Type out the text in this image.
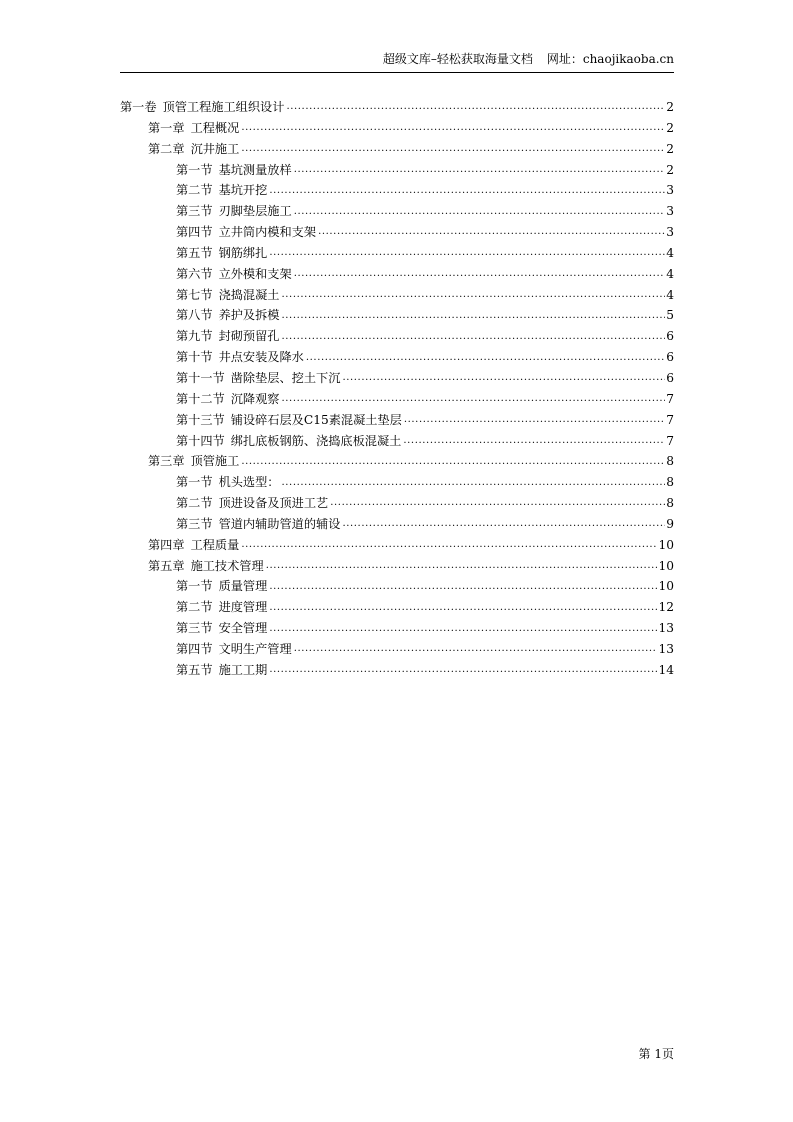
超级文库–轻松获取海量文档 网址：chaojikaoba.cn
第一卷 顶管工程施工组织设计 .....	2
第一章 工程概况 .....	2
第二章 沉井施工 .....	2
第一节 基坑测量放样 .....	2
第二节 基坑开挖 .....	3
第三节 刃脚垫层施工 .....	3
第四节 立井筒内模和支架 .....	3
第五节 钢筋绑扎 .....	4
第六节 立外模和支架 .....	4
第七节 浇捣混凝土 .....	4
第八节 养护及拆模 .....	5
第九节 封砌预留孔 .....	6
第十节 井点安装及降水 .....	6
第十一节 凿除垫层、挖土下沉 .....	6
第十二节 沉降观察 .....	7
第十三节 铺设碎石层及C15素混凝土垫层 .....	7
第十四节 绑扎底板钢筋、浇捣底板混凝土 .....	7
第三章 顶管施工 .....	8
第一节 机头选型： .....	8
第二节 顶进设备及顶进工艺 .....	8
第三节 管道内辅助管道的辅设 .....	9
第四章 工程质量 .....	10
第五章 施工技术管理 .....	10
第一节 质量管理 .....	10
第二节 进度管理 .....	12
第三节 安全管理 .....	13
第四节 文明生产管理 .....	13
第五节 施工工期 .....	14
第 1页
